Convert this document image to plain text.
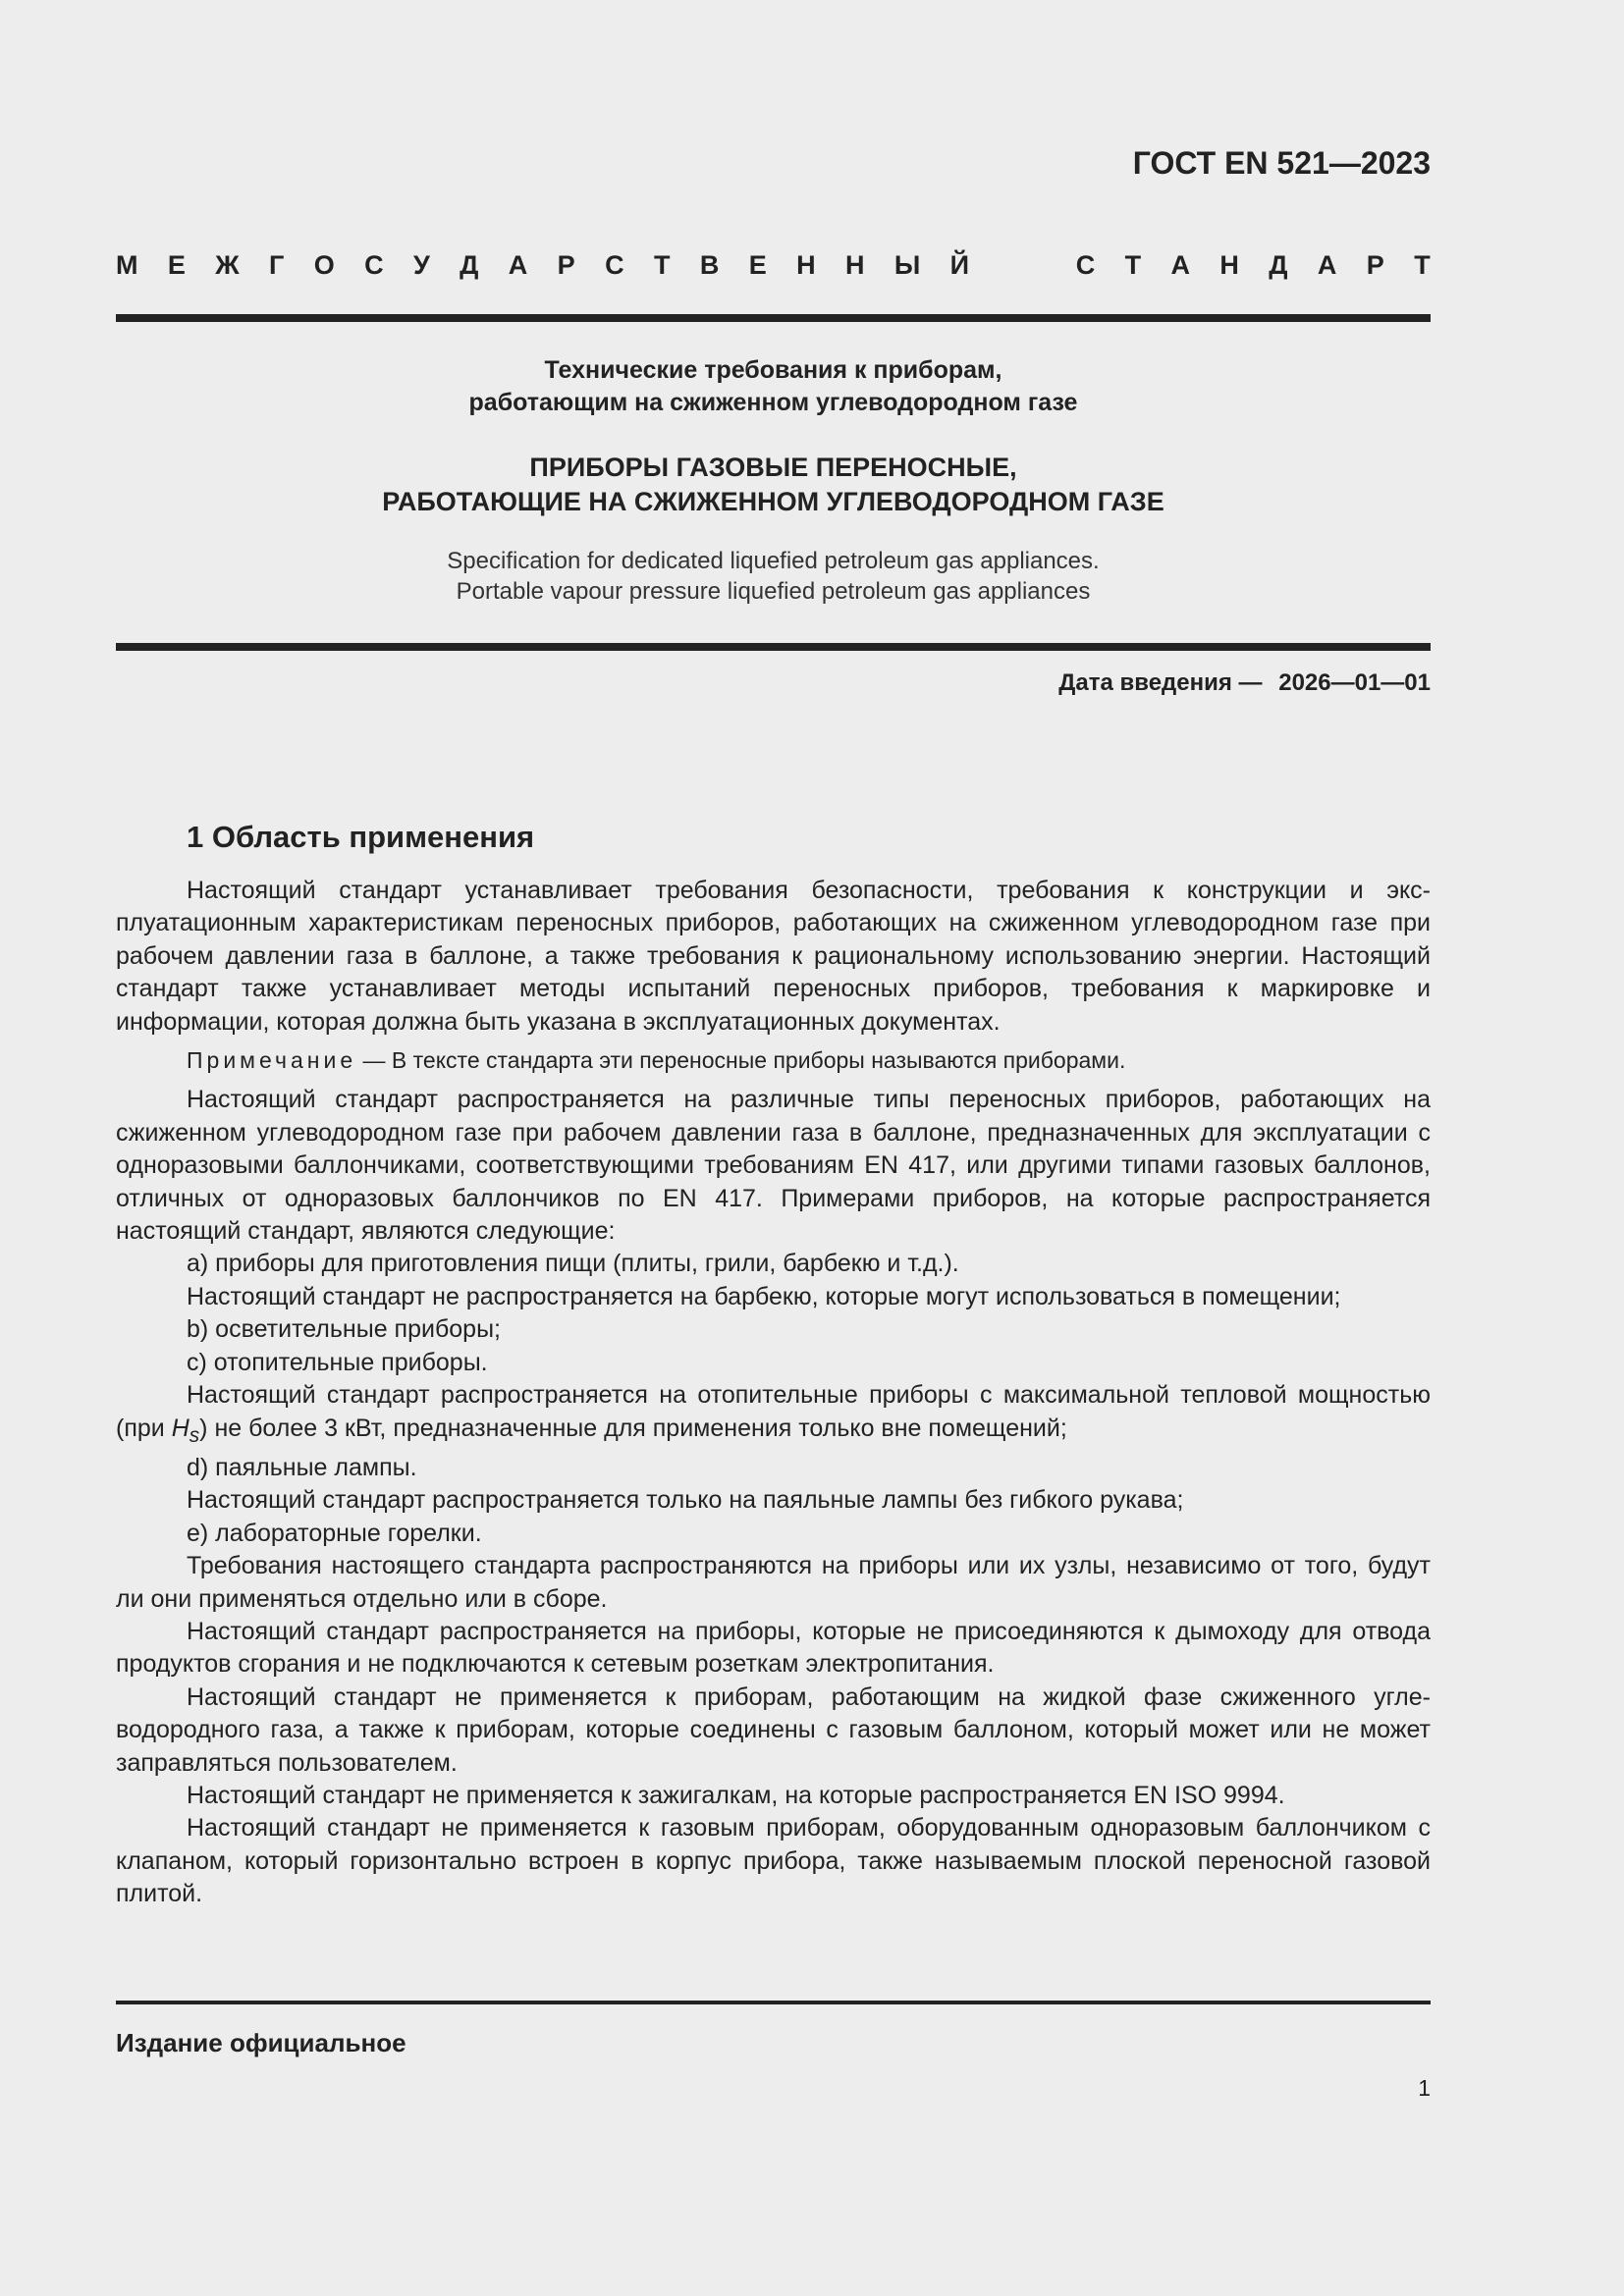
ГОСТ EN 521—2023
М Е Ж Г О С У Д А Р С Т В Е Н Н Ы Й	С Т А Н Д А Р Т
Технические требования к приборам,
работающим на сжиженном углеводородном газе
ПРИБОРЫ ГАЗОВЫЕ ПЕРЕНОСНЫЕ,
РАБОТАЮЩИЕ НА СЖИЖЕННОМ УГЛЕВОДОРОДНОМ ГАЗЕ
Specification for dedicated liquefied petroleum gas appliances.
Portable vapour pressure liquefied petroleum gas appliances
Дата введения — 2026—01—01
1 Область применения

Настоящий стандарт устанавливает требования безопасности, требования к конструкции и эксплуатационным характеристикам переносных приборов, работающих на сжиженном углеводородном газе при рабочем давлении газа в баллоне, а также требования к рациональному использованию энергии. Настоящий стандарт также устанавливает методы испытаний переносных приборов, требования к маркировке и информации, которая должна быть указана в эксплуатационных документах.

Примечание — В тексте стандарта эти переносные приборы называются приборами.

Настоящий стандарт распространяется на различные типы переносных приборов, работающих на сжиженном углеводородном газе при рабочем давлении газа в баллоне, предназначенных для эксплуатации с одноразовыми баллончиками, соответствующими требованиям EN 417, или другими типами газовых баллонов, отличных от одноразовых баллончиков по EN 417. Примерами приборов, на которые распространяется настоящий стандарт, являются следующие:

a) приборы для приготовления пищи (плиты, грили, барбекю и т.д.).

Настоящий стандарт не распространяется на барбекю, которые могут использоваться в помещении;

b) осветительные приборы;

c) отопительные приборы.

Настоящий стандарт распространяется на отопительные приборы с максимальной тепловой мощностью (при $H_s$) не более 3 кВт, предназначенные для применения только вне помещений;

d) паяльные лампы.

Настоящий стандарт распространяется только на паяльные лампы без гибкого рукава;

e) лабораторные горелки.

Требования настоящего стандарта распространяются на приборы или их узлы, независимо от того, будут ли они применяться отдельно или в сборе.

Настоящий стандарт распространяется на приборы, которые не присоединяются к дымоходу для отвода продуктов сгорания и не подключаются к сетевым розеткам электропитания.

Настоящий стандарт не применяется к приборам, работающим на жидкой фазе сжиженного углеводородного газа, а также к приборам, которые соединены с газовым баллоном, который может или не может заправляться пользователем.

Настоящий стандарт не применяется к зажигалкам, на которые распространяется EN ISO 9994.

Настоящий стандарт не применяется к газовым приборам, оборудованным одноразовым баллончиком с клапаном, который горизонтально встроен в корпус прибора, также называемым плоской переносной газовой плитой.

Издание официальное
1
